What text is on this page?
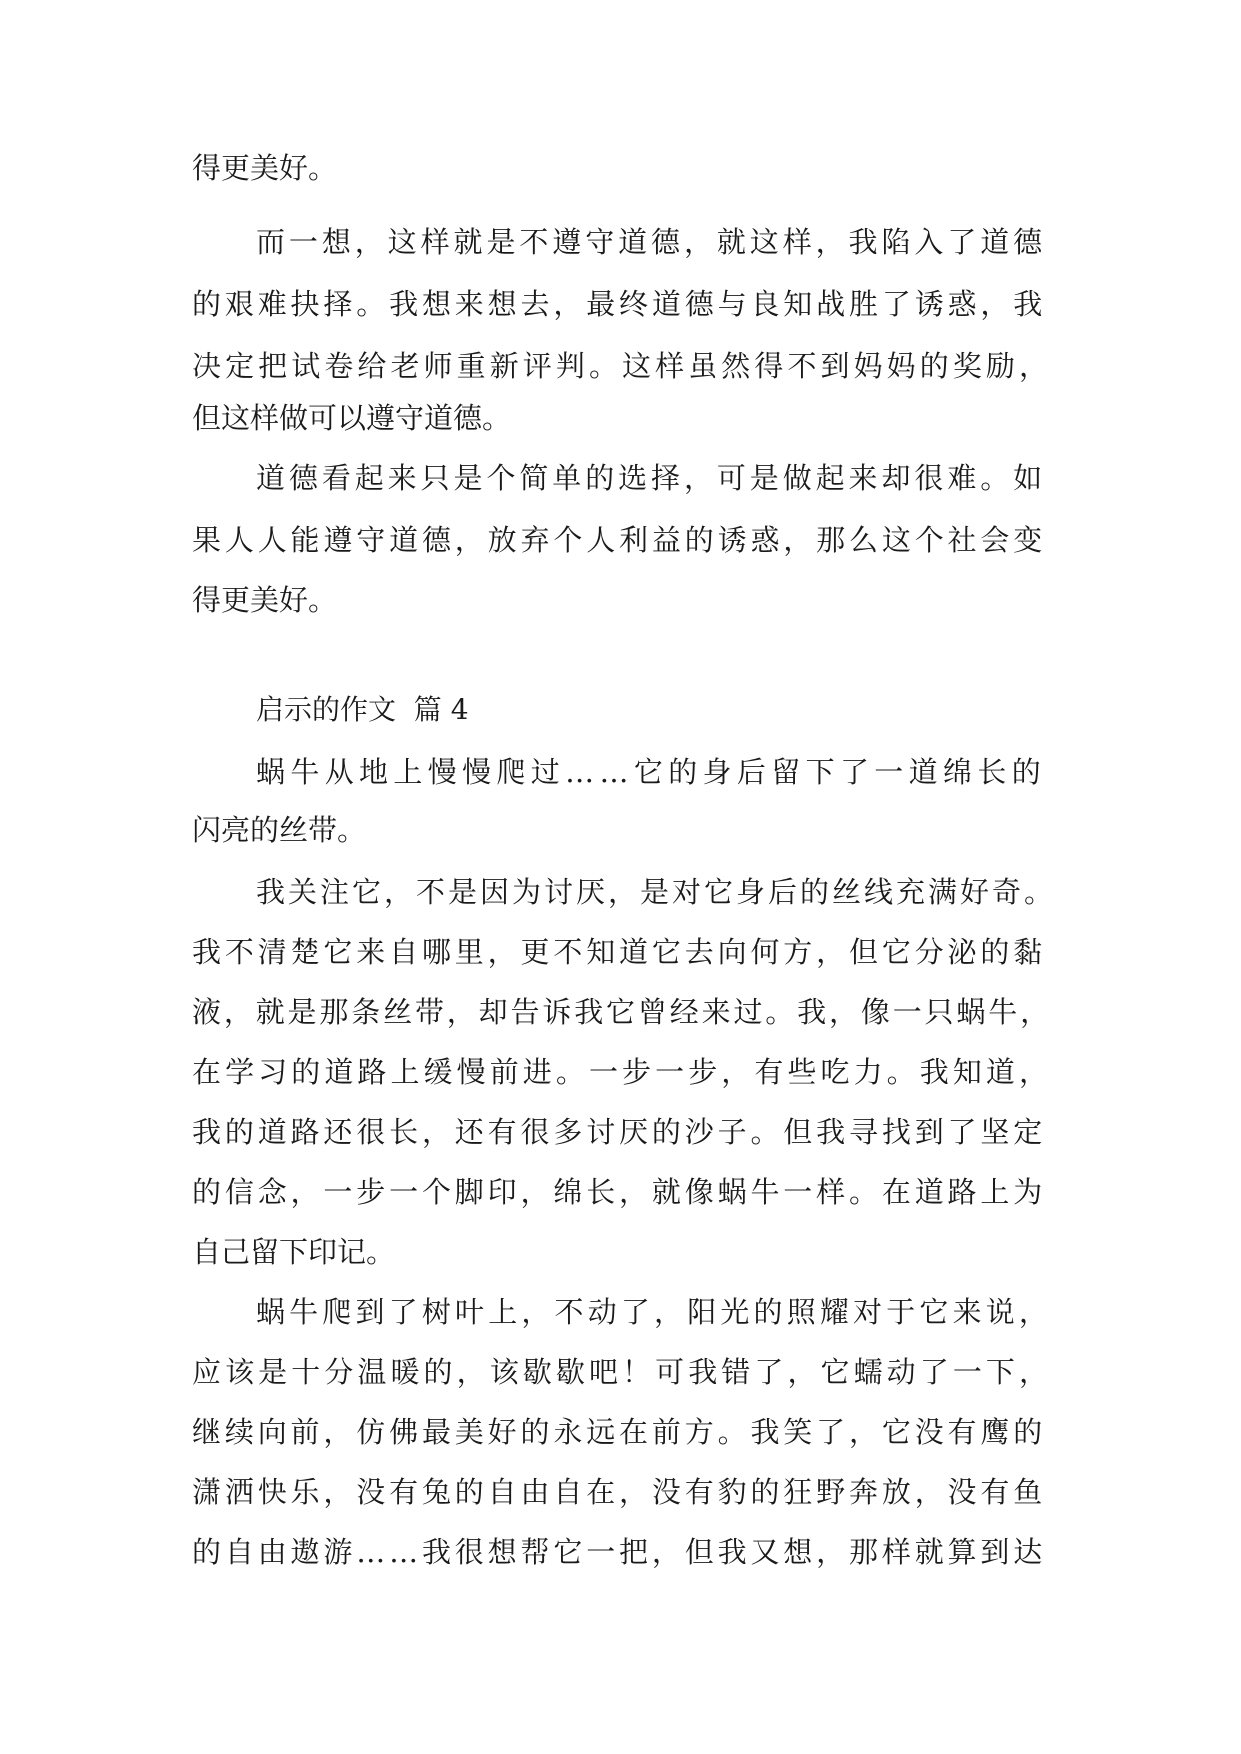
得更美好。
而一想，这样就是不遵守道德，就这样，我陷入了道德
的艰难抉择。我想来想去，最终道德与良知战胜了诱惑，我
决定把试卷给老师重新评判。这样虽然得不到妈妈的奖励，
但这样做可以遵守道德。
道德看起来只是个简单的选择，可是做起来却很难。如
果人人能遵守道德，放弃个人利益的诱惑，那么这个社会变
得更美好。
启示的作文  篇 4
蜗牛从地上慢慢爬过……它的身后留下了一道绵长的
闪亮的丝带。
我关注它，不是因为讨厌，是对它身后的丝线充满好奇。
我不清楚它来自哪里，更不知道它去向何方，但它分泌的黏
液，就是那条丝带，却告诉我它曾经来过。我，像一只蜗牛，
在学习的道路上缓慢前进。一步一步，有些吃力。我知道，
我的道路还很长，还有很多讨厌的沙子。但我寻找到了坚定
的信念，一步一个脚印，绵长，就像蜗牛一样。在道路上为
自己留下印记。
蜗牛爬到了树叶上，不动了，阳光的照耀对于它来说，
应该是十分温暖的，该歇歇吧！可我错了，它蠕动了一下，
继续向前，仿佛最美好的永远在前方。我笑了，它没有鹰的
潇洒快乐，没有兔的自由自在，没有豹的狂野奔放，没有鱼
的自由遨游……我很想帮它一把，但我又想，那样就算到达
